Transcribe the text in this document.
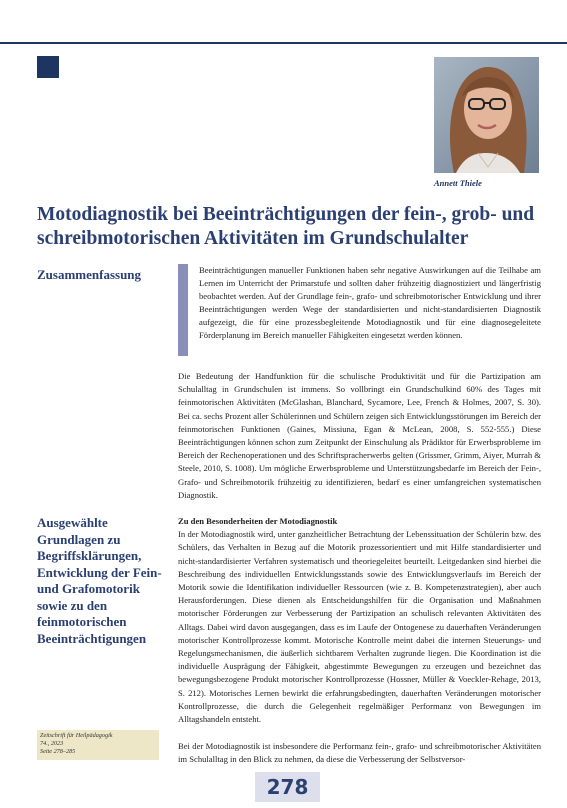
Annett Thiele
Motodiagnostik bei Beeinträchtigungen der fein-, grob- und schreibmotorischen Aktivitäten im Grundschulalter
Zusammenfassung	Beeinträchtigungen manueller Funktionen haben sehr negative Auswirkungen auf die Teilhabe am Lernen im Unterricht der Primarstufe und sollten daher frühzeitig diagnostiziert und längerfristig beobachtet werden. Auf der Grundlage fein-, grafo- und schreibmotorischer Entwicklung und ihrer Beeinträchtigungen werden Wege der standardisierten und nicht-standardisierten Diagnostik aufgezeigt, die für eine prozessbegleitende Motodiagnostik und für eine diagnosegeleitete Förderplanung im Bereich manueller Fähigkeiten eingesetzt werden können.
Die Bedeutung der Handfunktion für die schulische Produktivität und für die Partizipation am Schulalltag in Grundschulen ist immens. So vollbringt ein Grundschulkind 60% des Tages mit feinmotorischen Aktivitäten (McGlashan, Blanchard, Sycamore, Lee, French & Holmes, 2007, S. 30). Bei ca. sechs Prozent aller Schülerinnen und Schülern zeigen sich Entwicklungsstörungen im Bereich der feinmotorischen Funktionen (Gaines, Missiuna, Egan & McLean, 2008, S. 552-555.) Diese Beeinträchtigungen können schon zum Zeitpunkt der Einschulung als Prädiktor für Erwerbsprobleme im Bereich der Rechenoperationen und des Schriftspracherwerbs gelten (Grissmer, Grimm, Aiyer, Murrah & Steele, 2010, S. 1008). Um mögliche Erwerbsprobleme und Unterstützungsbedarfe im Bereich der Fein-, Grafo- und Schreibmotorik frühzeitig zu identifizieren, bedarf es einer umfangreichen systematischen Diagnostik.
Ausgewählte Grundlagen zu Begriffsklärungen, Entwicklung der Fein- und Grafomotorik sowie zu den feinmotorischen Beeinträchtigungen
Zu den Besonderheiten der Motodiagnostik
In der Motodiagnostik wird, unter ganzheitlicher Betrachtung der Lebenssituation der Schülerin bzw. des Schülers, das Verhalten in Bezug auf die Motorik prozessorientiert und mit Hilfe standardisierter und nicht-standardisierter Verfahren systematisch und theoriegeleitet beurteilt. Leitgedanken sind hierbei die Beschreibung des individuellen Entwicklungsstands sowie des Entwicklungsverlaufs im Bereich der Motorik sowie die Identifikation individueller Ressourcen (wie z. B. Kompetenzstrategien), aber auch Herausforderungen. Diese dienen als Entscheidungshilfen für die Organisation und Maßnahmen motorischer Förderungen zur Verbesserung der Partizipation an schulisch relevanten Aktivitäten des Alltags. Dabei wird davon ausgegangen, dass es im Laufe der Ontogenese zu dauerhaften Veränderungen motorischer Kontrollprozesse kommt. Motorische Kontrolle meint dabei die internen Steuerungs- und Regelungsmechanismen, die äußerlich sichtbarem Verhalten zugrunde liegen. Die Koordination ist die individuelle Ausprägung der Fähigkeit, abgestimmte Bewegungen zu erzeugen und bezeichnet das bewegungsbezogene Produkt motorischer Kontrollprozesse (Hossner, Müller & Voeckler-Rehage, 2013, S. 212). Motorisches Lernen bewirkt die erfahrungsbedingten, dauerhaften Veränderungen motorischer Kontrollprozesse, die durch die Gelegenheit regelmäßiger Performanz von Bewegungen im Alltagshandeln entsteht.
Bei der Motodiagnostik ist insbesondere die Performanz fein-, grafo- und schreibmotorischer Aktivitäten im Schulalltag in den Blick zu nehmen, da diese die Verbesserung der Selbstversor-
Zeitschrift für Heilpädagogik
74., 2023
Seite 278–285
278
